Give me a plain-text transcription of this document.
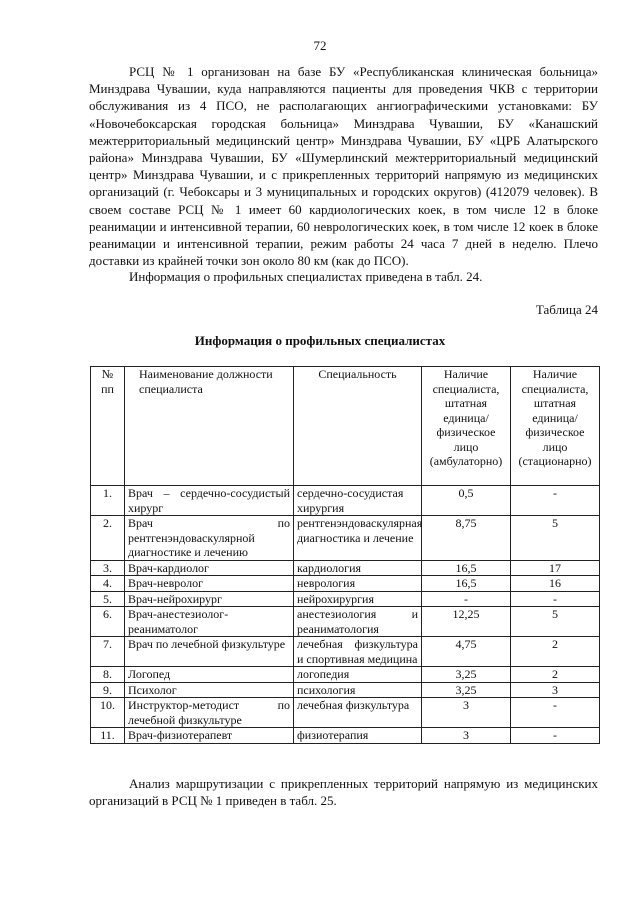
72

РСЦ № 1 организован на базе БУ «Республиканская клиническая больница» Минздрава Чувашии, куда направляются пациенты для проведения ЧКВ с территории обслуживания из 4 ПСО, не располагающих ангиографическими установками: БУ «Новочебоксарская городская больница» Минздрава Чувашии, БУ «Канашский межтерриториальный медицинский центр» Минздрава Чувашии, БУ «ЦРБ Алатырского района» Минздрава Чувашии, БУ «Шумерлинский межтерриториальный медицинский центр» Минздрава Чувашии, и с прикрепленных территорий напрямую из медицинских организаций (г. Чебоксары и 3 муниципальных и городских округов) (412079 человек). В своем составе РСЦ № 1 имеет 60 кардиологических коек, в том числе 12 в блоке реанимации и интенсивной терапии, 60 неврологических коек, в том числе 12 коек в блоке реанимации и интенсивной терапии, режим работы 24 часа 7 дней в неделю. Плечо доставки из крайней точки зон около 80 км (как до ПСО).

Информация о профильных специалистах приведена в табл. 24.

Таблица 24
Информация о профильных специалистах
№ пп	Наименование должности специалиста	Специальность	Наличие специалиста, штатная единица/физическое лицо (амбулаторно)	Наличие специалиста, штатная единица/физическое лицо (стационарно)
1.	Врач – сердечно-сосудистый хирург	сердечно-сосудистая хирургия	0,5	-
2.	Врач по рентгенэндоваскулярной диагностике и лечению	рентгенэндоваскулярная диагностика и лечение	8,75	5
3.	Врач-кардиолог	кардиология	16,5	17
4.	Врач-невролог	неврология	16,5	16
5.	Врач-нейрохирург	нейрохирургия	-	-
6.	Врач-анестезиолог-реаниматолог	анестезиология и реаниматология	12,25	5
7.	Врач по лечебной физкультуре	лечебная физкультура и спортивная медицина	4,75	2
8.	Логопед	логопедия	3,25	2
9.	Психолог	психология	3,25	3
10.	Инструктор-методист по лечебной физкультуре	лечебная физкультура	3	-
11.	Врач-физиотерапевт	физиотерапия	3	-

Анализ маршрутизации с прикрепленных территорий напрямую из медицинских организаций в РСЦ № 1 приведен в табл. 25.
